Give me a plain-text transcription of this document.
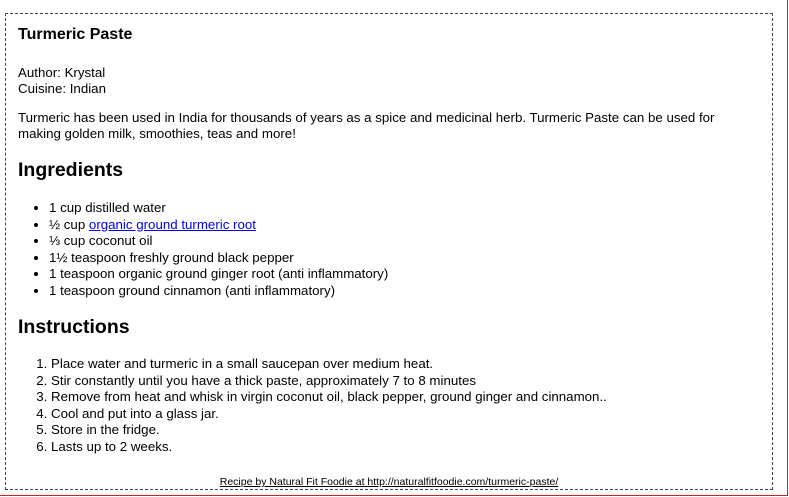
Turmeric Paste
Author: Krystal
Cuisine: Indian
Turmeric has been used in India for thousands of years as a spice and medicinal herb. Turmeric Paste can be used for making golden milk, smoothies, teas and more!
Ingredients
• 1 cup distilled water
• ½ cup organic ground turmeric root
• ⅓ cup coconut oil
• 1½ teaspoon freshly ground black pepper
• 1 teaspoon organic ground ginger root (anti inflammatory)
• 1 teaspoon ground cinnamon (anti inflammatory)
Instructions
1. Place water and turmeric in a small saucepan over medium heat.
2. Stir constantly until you have a thick paste, approximately 7 to 8 minutes
3. Remove from heat and whisk in virgin coconut oil, black pepper, ground ginger and cinnamon..
4. Cool and put into a glass jar.
5. Store in the fridge.
6. Lasts up to 2 weeks.
Recipe by Natural Fit Foodie at http://naturalfitfoodie.com/turmeric-paste/
